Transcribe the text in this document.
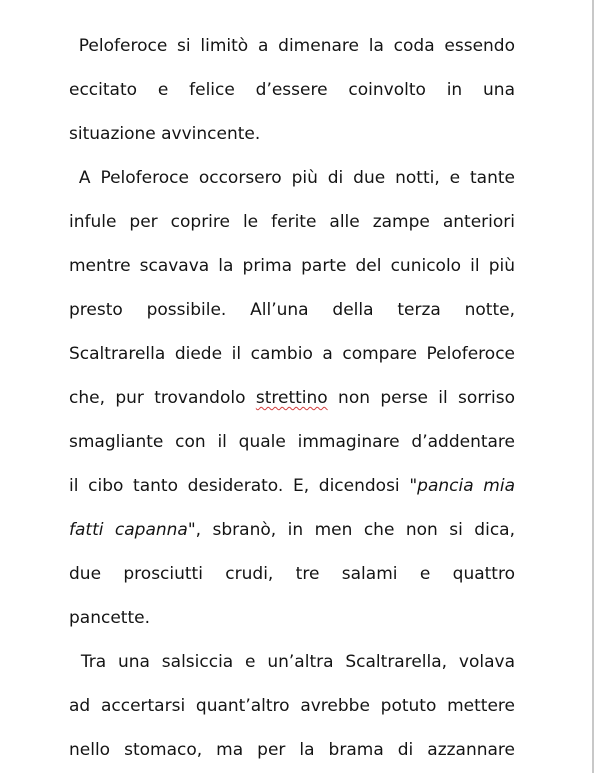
Peloferoce si limitò a dimenare la coda essendo
eccitato e felice d’essere coinvolto in una
situazione avvincente.
A Peloferoce occorsero più di due notti, e tante
infule per coprire le ferite alle zampe anteriori
mentre scavava la prima parte del cunicolo il più
presto possibile. All’una della terza notte,
Scaltrarella diede il cambio a compare Peloferoce
che, pur trovandolo strettino non perse il sorriso
smagliante con il quale immaginare d’addentare
il cibo tanto desiderato. E, dicendosi "pancia mia
fatti capanna", sbranò, in men che non si dica,
due prosciutti crudi, tre salami e quattro
pancette.
Tra una salsiccia e un’altra Scaltrarella, volava
ad accertarsi quant’altro avrebbe potuto mettere
nello stomaco, ma per la brama di azzannare
